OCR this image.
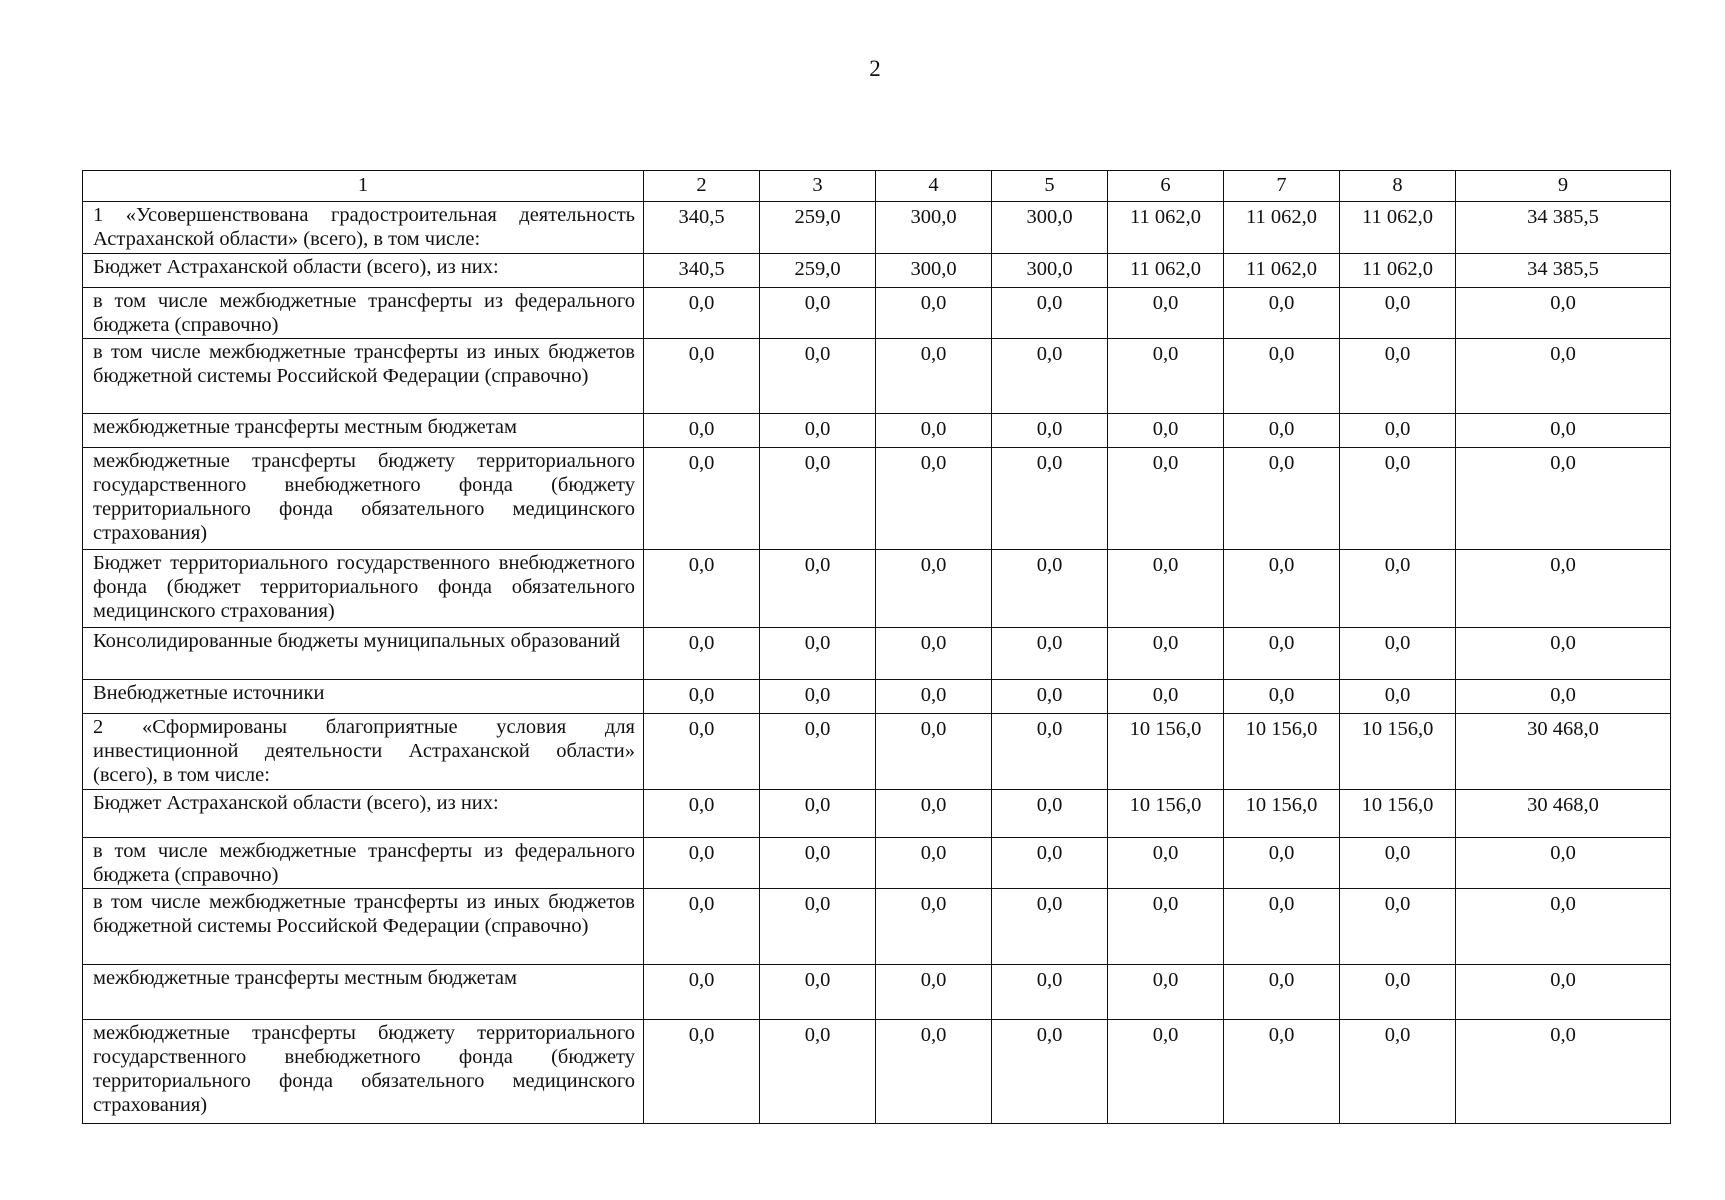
2
1	2	3	4	5	6	7	8	9
1 «Усовершенствована градостроительная деятельность Астраханской области» (всего), в том числе:	340,5	259,0	300,0	300,0	11 062,0	11 062,0	11 062,0	34 385,5
Бюджет Астраханской области (всего), из них:	340,5	259,0	300,0	300,0	11 062,0	11 062,0	11 062,0	34 385,5
в том числе межбюджетные трансферты из федерального бюджета (справочно)	0,0	0,0	0,0	0,0	0,0	0,0	0,0	0,0
в том числе межбюджетные трансферты из иных бюджетов бюджетной системы Российской Федерации (справочно)	0,0	0,0	0,0	0,0	0,0	0,0	0,0	0,0
межбюджетные трансферты местным бюджетам	0,0	0,0	0,0	0,0	0,0	0,0	0,0	0,0
межбюджетные трансферты бюджету территориального государственного внебюджетного фонда (бюджету территориального фонда обязательного медицинского страхования)	0,0	0,0	0,0	0,0	0,0	0,0	0,0	0,0
Бюджет территориального государственного внебюджетного фонда (бюджет территориального фонда обязательного медицинского страхования)	0,0	0,0	0,0	0,0	0,0	0,0	0,0	0,0
Консолидированные бюджеты муниципальных образований	0,0	0,0	0,0	0,0	0,0	0,0	0,0	0,0
Внебюджетные источники	0,0	0,0	0,0	0,0	0,0	0,0	0,0	0,0
2 «Сформированы благоприятные условия для инвестиционной деятельности Астраханской области» (всего), в том числе:	0,0	0,0	0,0	0,0	10 156,0	10 156,0	10 156,0	30 468,0
Бюджет Астраханской области (всего), из них:	0,0	0,0	0,0	0,0	10 156,0	10 156,0	10 156,0	30 468,0
в том числе межбюджетные трансферты из федерального бюджета (справочно)	0,0	0,0	0,0	0,0	0,0	0,0	0,0	0,0
в том числе межбюджетные трансферты из иных бюджетов бюджетной системы Российской Федерации (справочно)	0,0	0,0	0,0	0,0	0,0	0,0	0,0	0,0
межбюджетные трансферты местным бюджетам	0,0	0,0	0,0	0,0	0,0	0,0	0,0	0,0
межбюджетные трансферты бюджету территориального государственного внебюджетного фонда (бюджету территориального фонда обязательного медицинского страхования)	0,0	0,0	0,0	0,0	0,0	0,0	0,0	0,0
